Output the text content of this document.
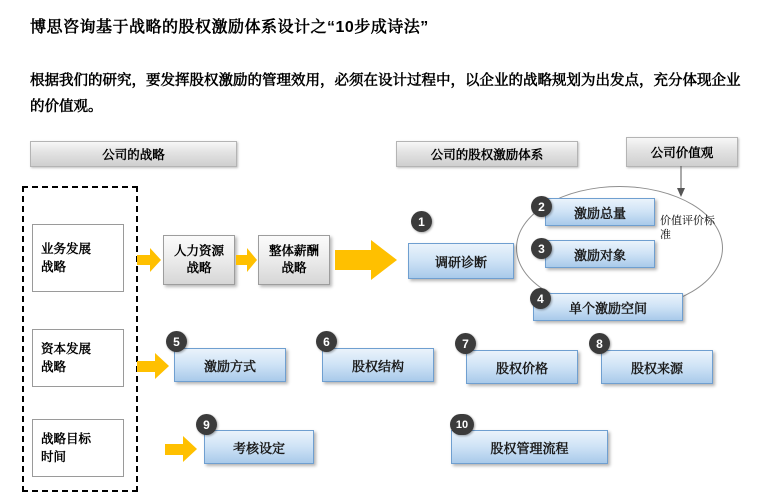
博思咨询基于战略的股权激励体系设计之“10步成诗法”
根据我们的研究，要发挥股权激励的管理效用，必须在设计过程中，以企业的战略规划为出发点，充分体现企业的价值观。
公司的战略	公司的股权激励体系	公司价值观
业务发展
战略
资本发展
战略
战略目标
时间
人力资源
战略
整体薪酬
战略
价值评价标准
调研诊断
1
激励总量
2
激励对象
3
单个激励空间
4
激励方式
5
股权结构
6
股权价格
7
股权来源
8
考核设定
9
股权管理流程
10
